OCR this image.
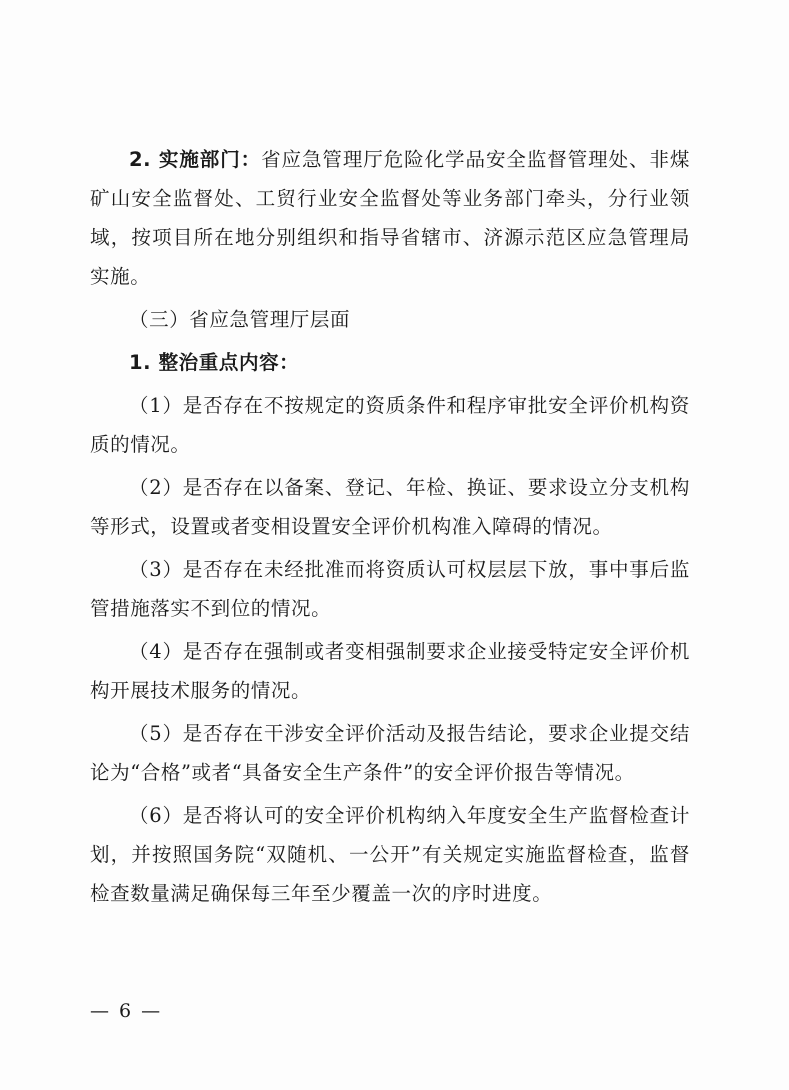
2. 实施部门：省应急管理厅危险化学品安全监督管理处、非煤矿山安全监督处、工贸行业安全监督处等业务部门牵头，分行业领域，按项目所在地分别组织和指导省辖市、济源示范区应急管理局实施。

（三）省应急管理厅层面

1. 整治重点内容：

（1）是否存在不按规定的资质条件和程序审批安全评价机构资质的情况。

（2）是否存在以备案、登记、年检、换证、要求设立分支机构等形式，设置或者变相设置安全评价机构准入障碍的情况。

（3）是否存在未经批准而将资质认可权层层下放，事中事后监管措施落实不到位的情况。

（4）是否存在强制或者变相强制要求企业接受特定安全评价机构开展技术服务的情况。

（5）是否存在干涉安全评价活动及报告结论，要求企业提交结论为“合格”或者“具备安全生产条件”的安全评价报告等情况。

（6）是否将认可的安全评价机构纳入年度安全生产监督检查计划，并按照国务院“双随机、一公开”有关规定实施监督检查，监督检查数量满足确保每三年至少覆盖一次的序时进度。

— 6 —
